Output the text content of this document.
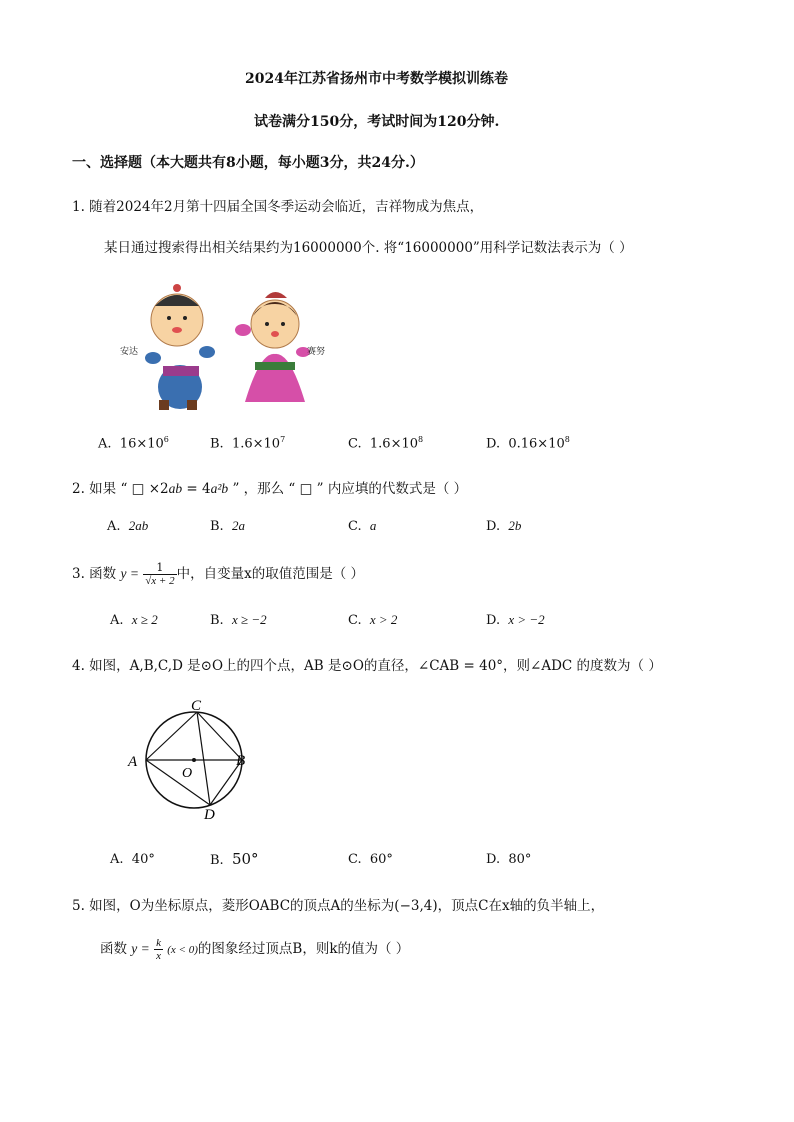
2024年江苏省扬州市中考数学模拟训练卷
试卷满分150分，考试时间为120分钟.
一、选择题（本大题共有8小题，每小题3分，共24分.）
1. 随着2024年2月第十四届全国冬季运动会临近，吉祥物成为焦点，
某日通过搜索得出相关结果约为16000000个. 将“16000000”用科学记数法表示为（ ）
安达	赛努
A. $16\times 10^6$	B. $1.6\times 10^7$	C. $1.6\times 10^8$	D. $0.16\times 10^8$
2. 如果 “ □ ×2ab = 4a²b ” ，那么 “ □ ” 内应填的代数式是（ ）
A. 2ab	B. 2a	C. a	D. 2b
3. 函数 $y = \frac{1}{√x + 2}$ 中，自变量x的取值范围是（ ）
A. x ≥ 2	B. x ≥ −2	C. x > 2	D. x > −2
4. 如图，A,B,C,D 是⊙O上的四个点，AB 是⊙O的直径，∠CAB = 40°，则∠ADC 的度数为（ ）
A	B
C
D
O
A. 40°	B. 50°	C. 60°	D. 80°
5. 如图，O为坐标原点，菱形OABC的顶点A的坐标为(−3,4)，顶点C在x轴的负半轴上，
函数 $y = \frac{k}{x} (x < 0)$的图象经过顶点B，则k的值为（ ）
